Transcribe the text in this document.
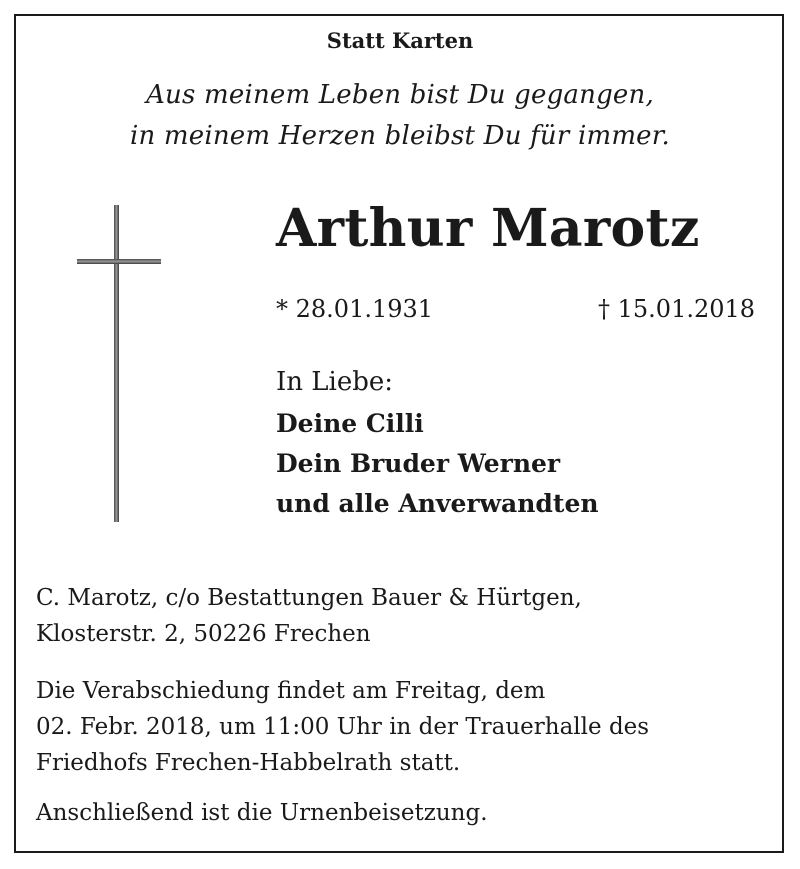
Statt Karten
Aus meinem Leben bist Du gegangen,
in meinem Herzen bleibst Du für immer.
Arthur Marotz
* 28.01.1931	† 15.01.2018
In Liebe:
Deine Cilli
Dein Bruder Werner
und alle Anverwandten
C. Marotz, c/o Bestattungen Bauer & Hürtgen,
Klosterstr. 2, 50226 Frechen
Die Verabschiedung findet am Freitag, dem
02. Febr. 2018, um 11:00 Uhr in der Trauerhalle des
Friedhofs Frechen-Habbelrath statt.
Anschließend ist die Urnenbeisetzung.
